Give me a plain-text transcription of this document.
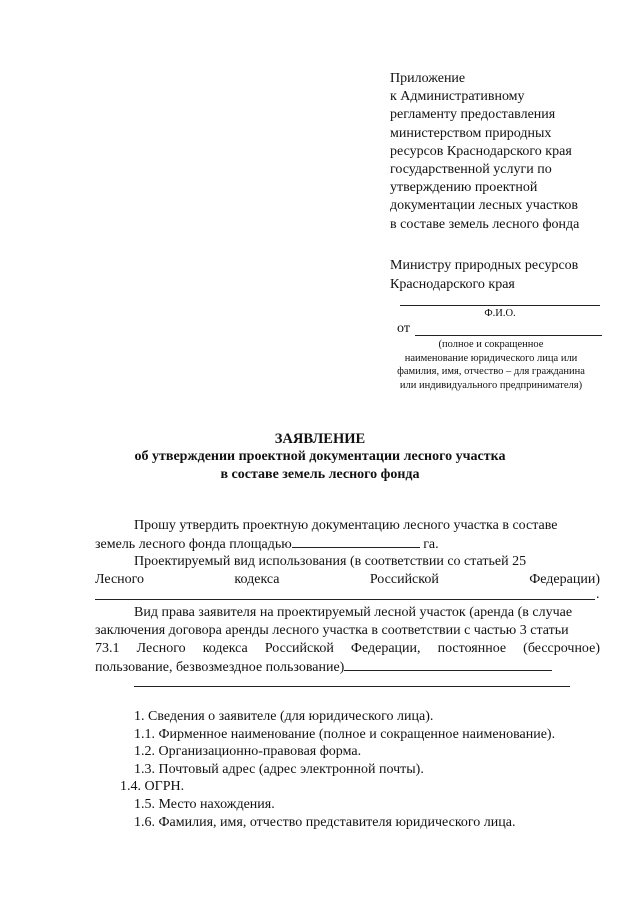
Приложение
к Административному
регламенту предоставления
министерством природных
ресурсов Краснодарского края
государственной услуги по
утверждению проектной
документации лесных участков
в составе земель лесного фонда
Министру природных ресурсов
Краснодарского края
Ф.И.О.
от
(полное и сокращенное
наименование юридического лица или
фамилия, имя, отчество – для гражданина
или индивидуального предпринимателя)
ЗАЯВЛЕНИЕ
об утверждении проектной документации лесного участка
в составе земель лесного фонда
Прошу утвердить проектную документацию лесного участка в составе
земель лесного фонда площадью	га.
Проектируемый вид использования (в соответствии со статьей 25
Лесного	кодекса	Российской	Федерации)
.
Вид права заявителя на проектируемый лесной участок (аренда (в случае
заключения договора аренды лесного участка в соответствии с частью 3 статьи
73.1 Лесного кодекса Российской Федерации, постоянное (бессрочное)
пользование, безвозмездное пользование)
1. Сведения о заявителе (для юридического лица).
1.1. Фирменное наименование (полное и сокращенное наименование).
1.2. Организационно-правовая форма.
1.3. Почтовый адрес (адрес электронной почты).
1.4. ОГРН.
1.5. Место нахождения.
1.6. Фамилия, имя, отчество представителя юридического лица.
